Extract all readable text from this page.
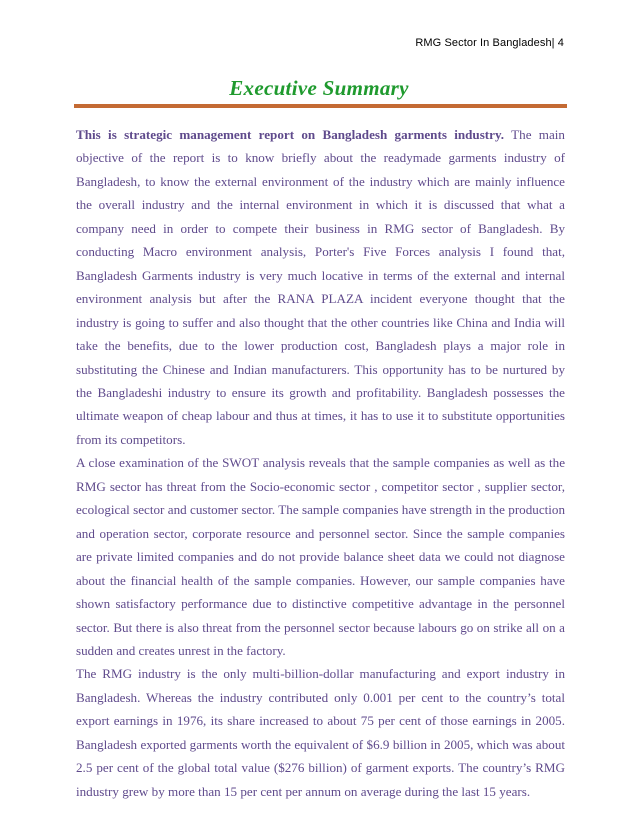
RMG Sector In Bangladesh| 4
Executive Summary

This is strategic management report on Bangladesh garments industry. The main objective of the report is to know briefly about the readymade garments industry of Bangladesh, to know the external environment of the industry which are mainly influence the overall industry and the internal environment in which it is discussed that what a company need in order to compete their business in RMG sector of Bangladesh. By conducting Macro environment analysis, Porter's Five Forces analysis I found that, Bangladesh Garments industry is very much locative in terms of the external and internal environment analysis but after the RANA PLAZA incident everyone thought that the industry is going to suffer and also thought that the other countries like China and India will take the benefits, due to the lower production cost, Bangladesh plays a major role in substituting the Chinese and Indian manufacturers. This opportunity has to be nurtured by the Bangladeshi industry to ensure its growth and profitability. Bangladesh possesses the ultimate weapon of cheap labour and thus at times, it has to use it to substitute opportunities from its competitors.

A close examination of the SWOT analysis reveals that the sample companies as well as the RMG sector has threat from the Socio-economic sector , competitor sector , supplier sector, ecological sector and customer sector. The sample companies have strength in the production and operation sector, corporate resource and personnel sector. Since the sample companies are private limited companies and do not provide balance sheet data we could not diagnose about the financial health of the sample companies. However, our sample companies have shown satisfactory performance due to distinctive competitive advantage in the personnel sector. But there is also threat from the personnel sector because labours go on strike all on a sudden and creates unrest in the factory.

The RMG industry is the only multi-billion-dollar manufacturing and export industry in Bangladesh. Whereas the industry contributed only 0.001 per cent to the country’s total export earnings in 1976, its share increased to about 75 per cent of those earnings in 2005. Bangladesh exported garments worth the equivalent of $6.9 billion in 2005, which was about 2.5 per cent of the global total value ($276 billion) of garment exports. The country’s RMG industry grew by more than 15 per cent per annum on average during the last 15 years.
